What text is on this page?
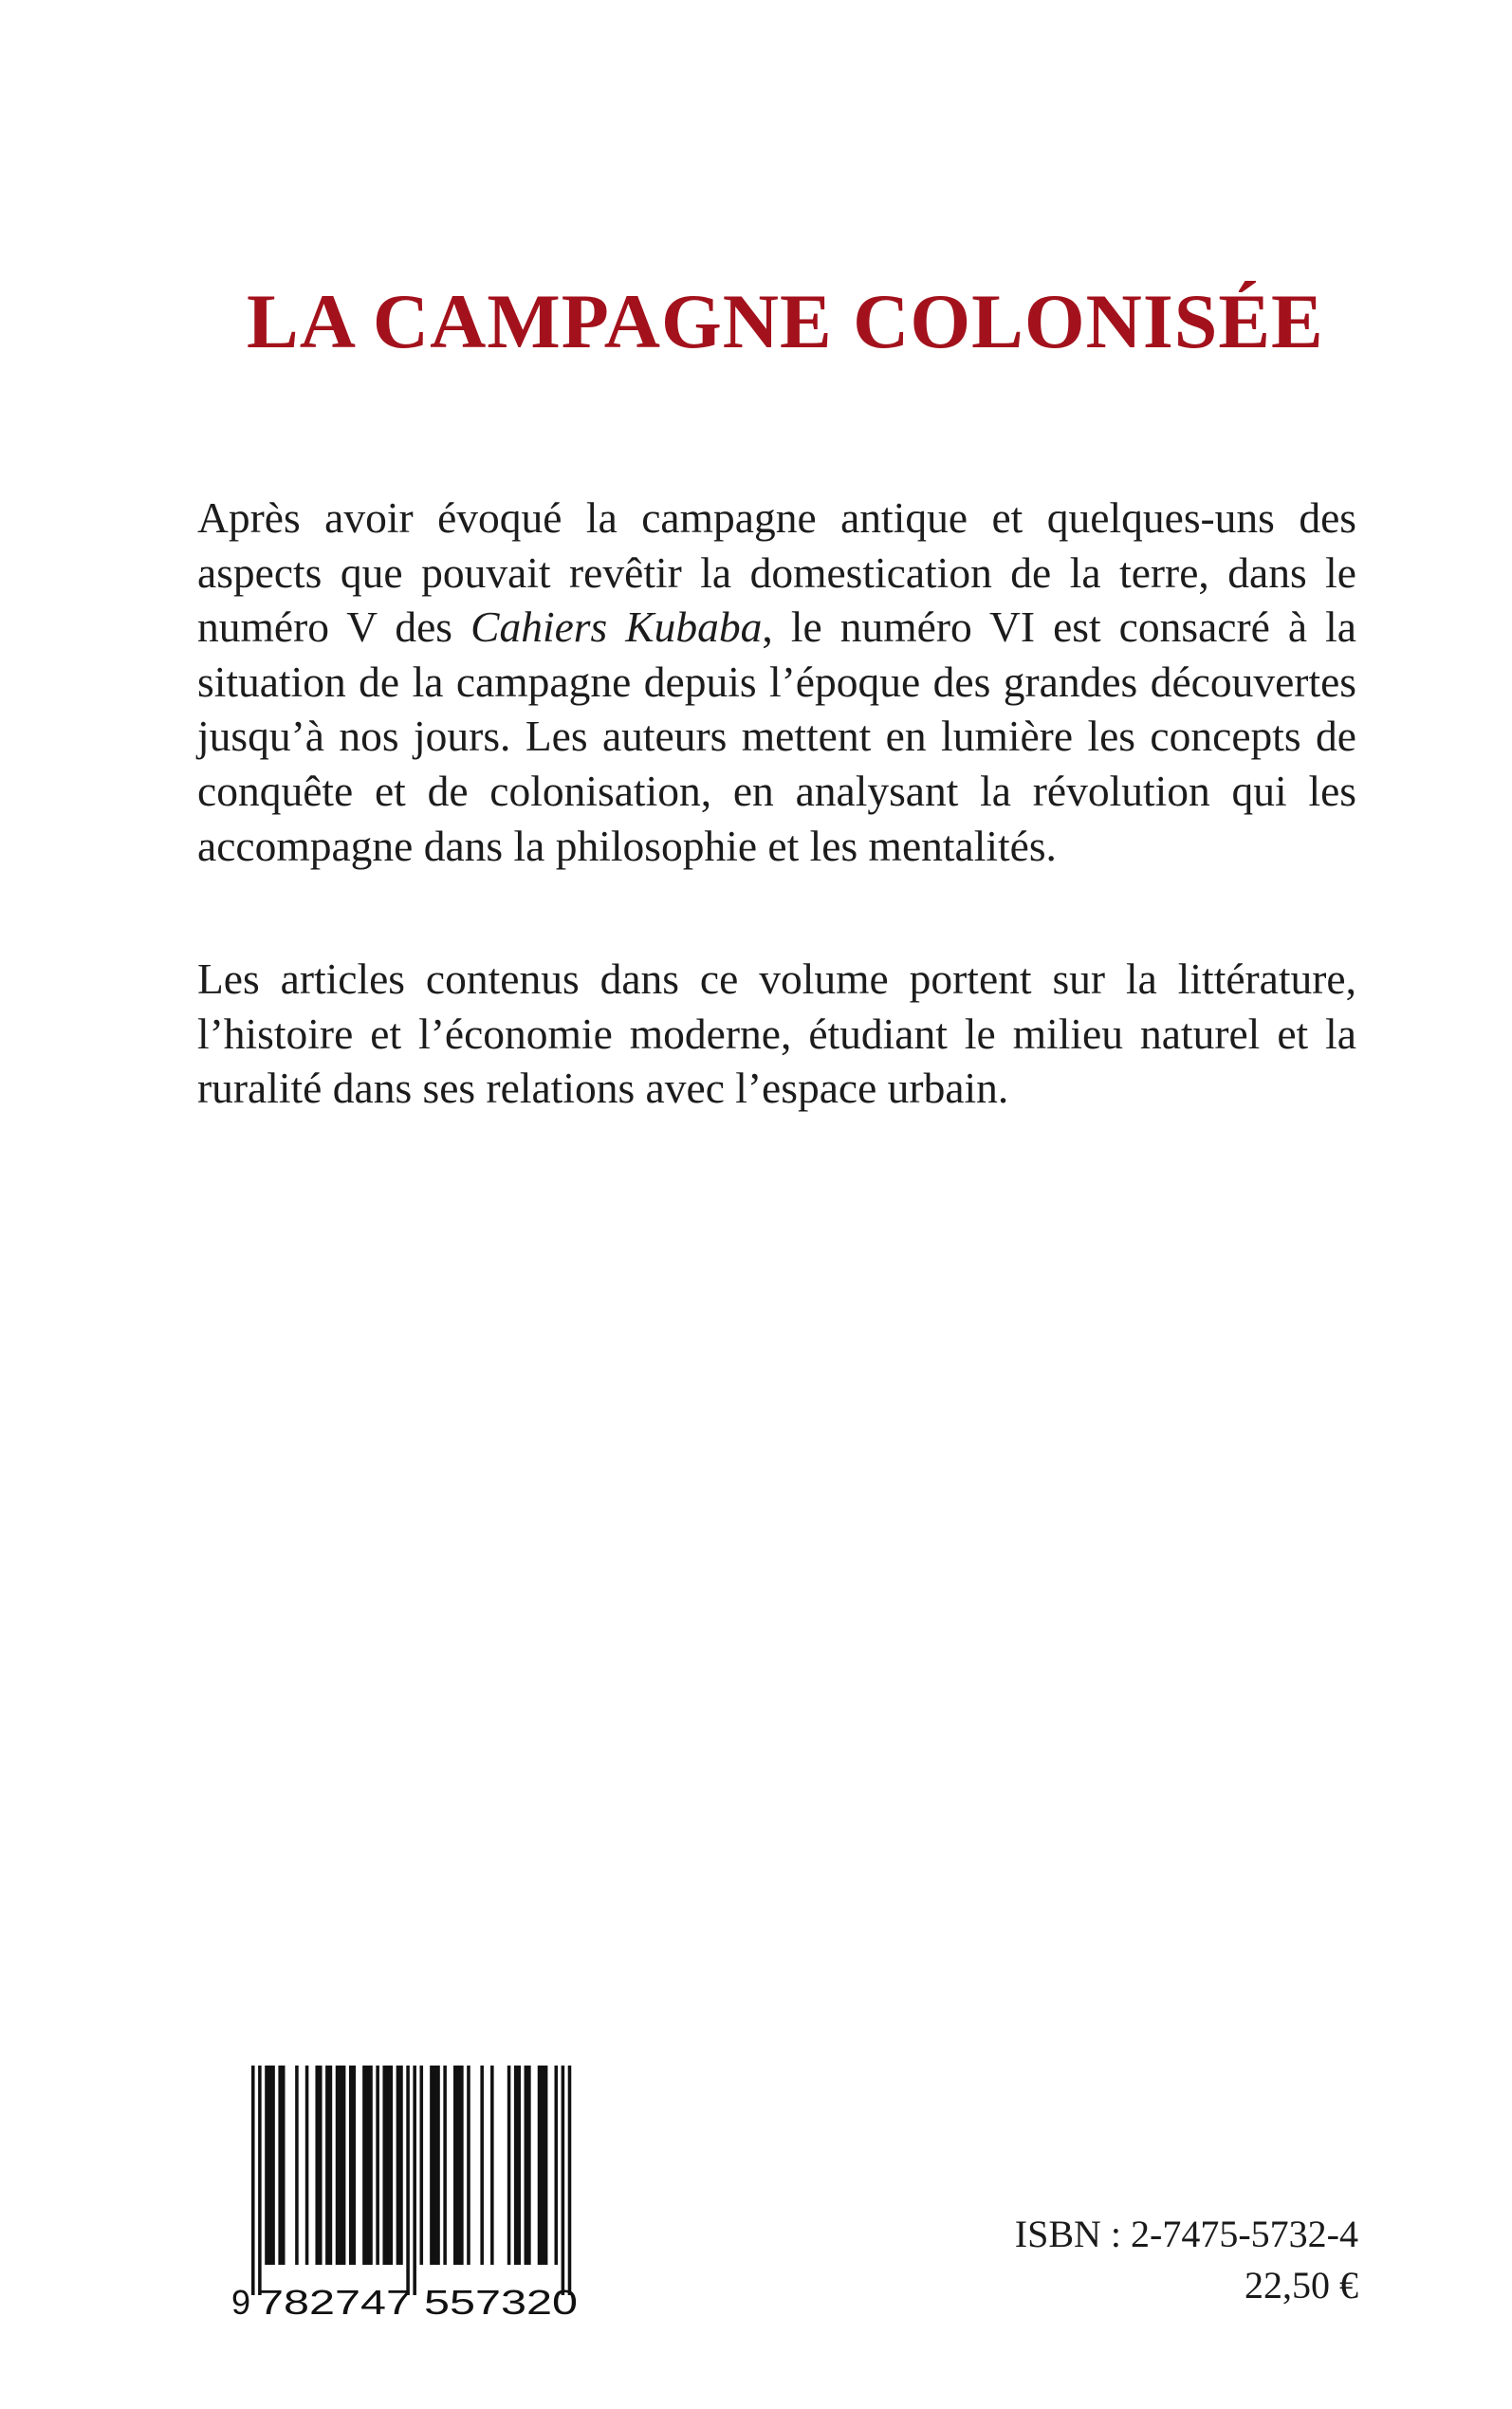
LA CAMPAGNE COLONISÉE

Après avoir évoqué la campagne antique et quelques-uns des aspects que pouvait revêtir la domestication de la terre, dans le numéro V des Cahiers Kubaba, le numéro VI est consacré à la situation de la campagne depuis l’époque des grandes découvertes jusqu’à nos jours. Les auteurs mettent en lumière les concepts de conquête et de colonisation, en analysant la révolution qui les accompagne dans la philosophie et les mentalités.

Les articles contenus dans ce volume portent sur la littérature, l’histoire et l’économie moderne, étudiant le milieu naturel et la ruralité dans ses relations avec l’espace urbain.

9 782747 557320

ISBN : 2-7475-5732-4

22,50 €
